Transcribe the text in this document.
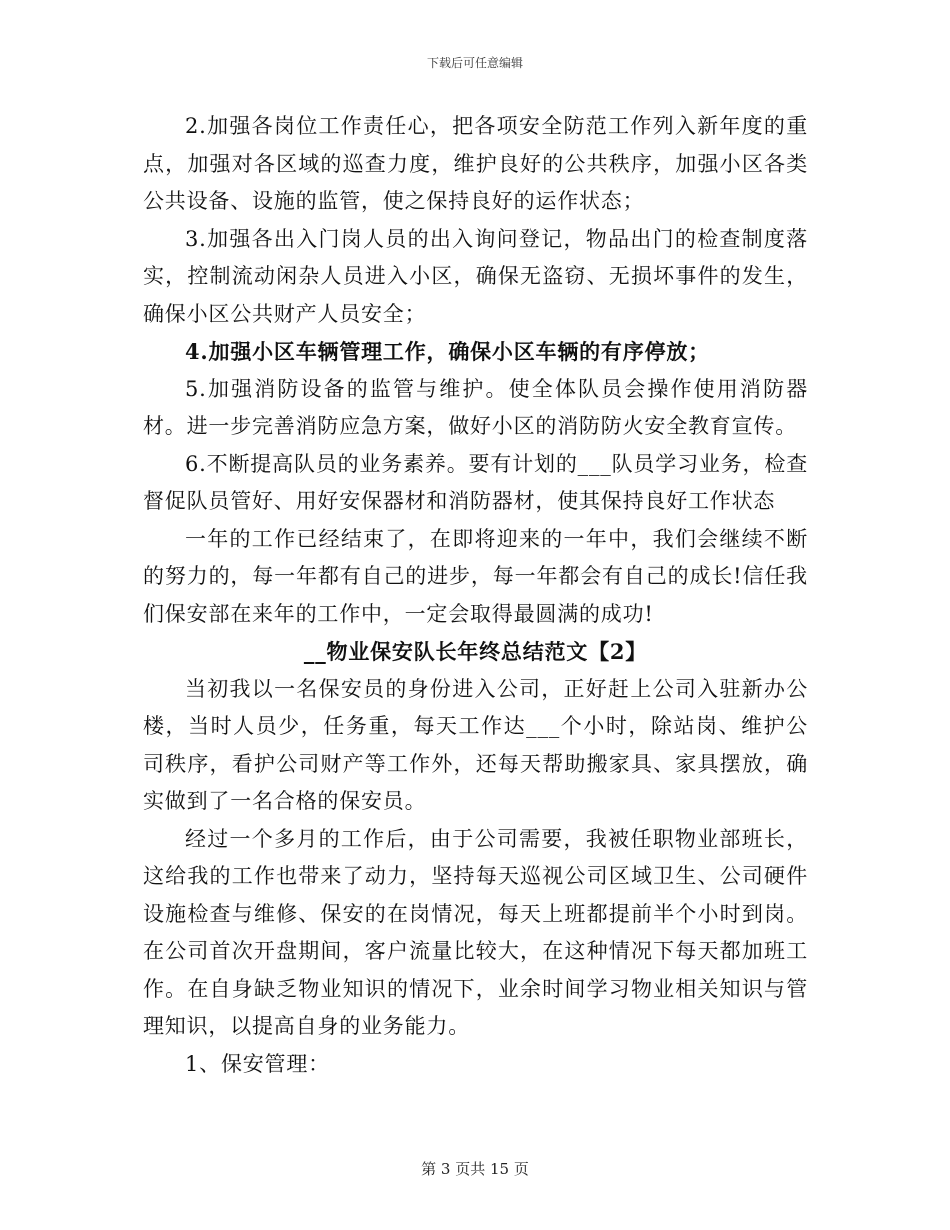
下载后可任意编辑

2.加强各岗位工作责任心，把各项安全防范工作列入新年度的重点，加强对各区域的巡查力度，维护良好的公共秩序，加强小区各类公共设备、设施的监管，使之保持良好的运作状态；

3.加强各出入门岗人员的出入询问登记，物品出门的检查制度落实，控制流动闲杂人员进入小区，确保无盗窃、无损坏事件的发生，确保小区公共财产人员安全；

4.加强小区车辆管理工作，确保小区车辆的有序停放；

5.加强消防设备的监管与维护。使全体队员会操作使用消防器材。进一步完善消防应急方案，做好小区的消防防火安全教育宣传。

6.不断提高队员的业务素养。要有计划的___队员学习业务，检查督促队员管好、用好安保器材和消防器材，使其保持良好工作状态

一年的工作已经结束了，在即将迎来的一年中，我们会继续不断的努力的，每一年都有自己的进步，每一年都会有自己的成长!信任我们保安部在来年的工作中，一定会取得最圆满的成功!

__物业保安队长年终总结范文【2】

当初我以一名保安员的身份进入公司，正好赶上公司入驻新办公楼，当时人员少，任务重，每天工作达___个小时，除站岗、维护公司秩序，看护公司财产等工作外，还每天帮助搬家具、家具摆放，确实做到了一名合格的保安员。

经过一个多月的工作后，由于公司需要，我被任职物业部班长，这给我的工作也带来了动力，坚持每天巡视公司区域卫生、公司硬件设施检查与维修、保安的在岗情况，每天上班都提前半个小时到岗。在公司首次开盘期间，客户流量比较大，在这种情况下每天都加班工作。在自身缺乏物业知识的情况下，业余时间学习物业相关知识与管理知识，以提高自身的业务能力。

1、保安管理：

第 3 页共 15 页
